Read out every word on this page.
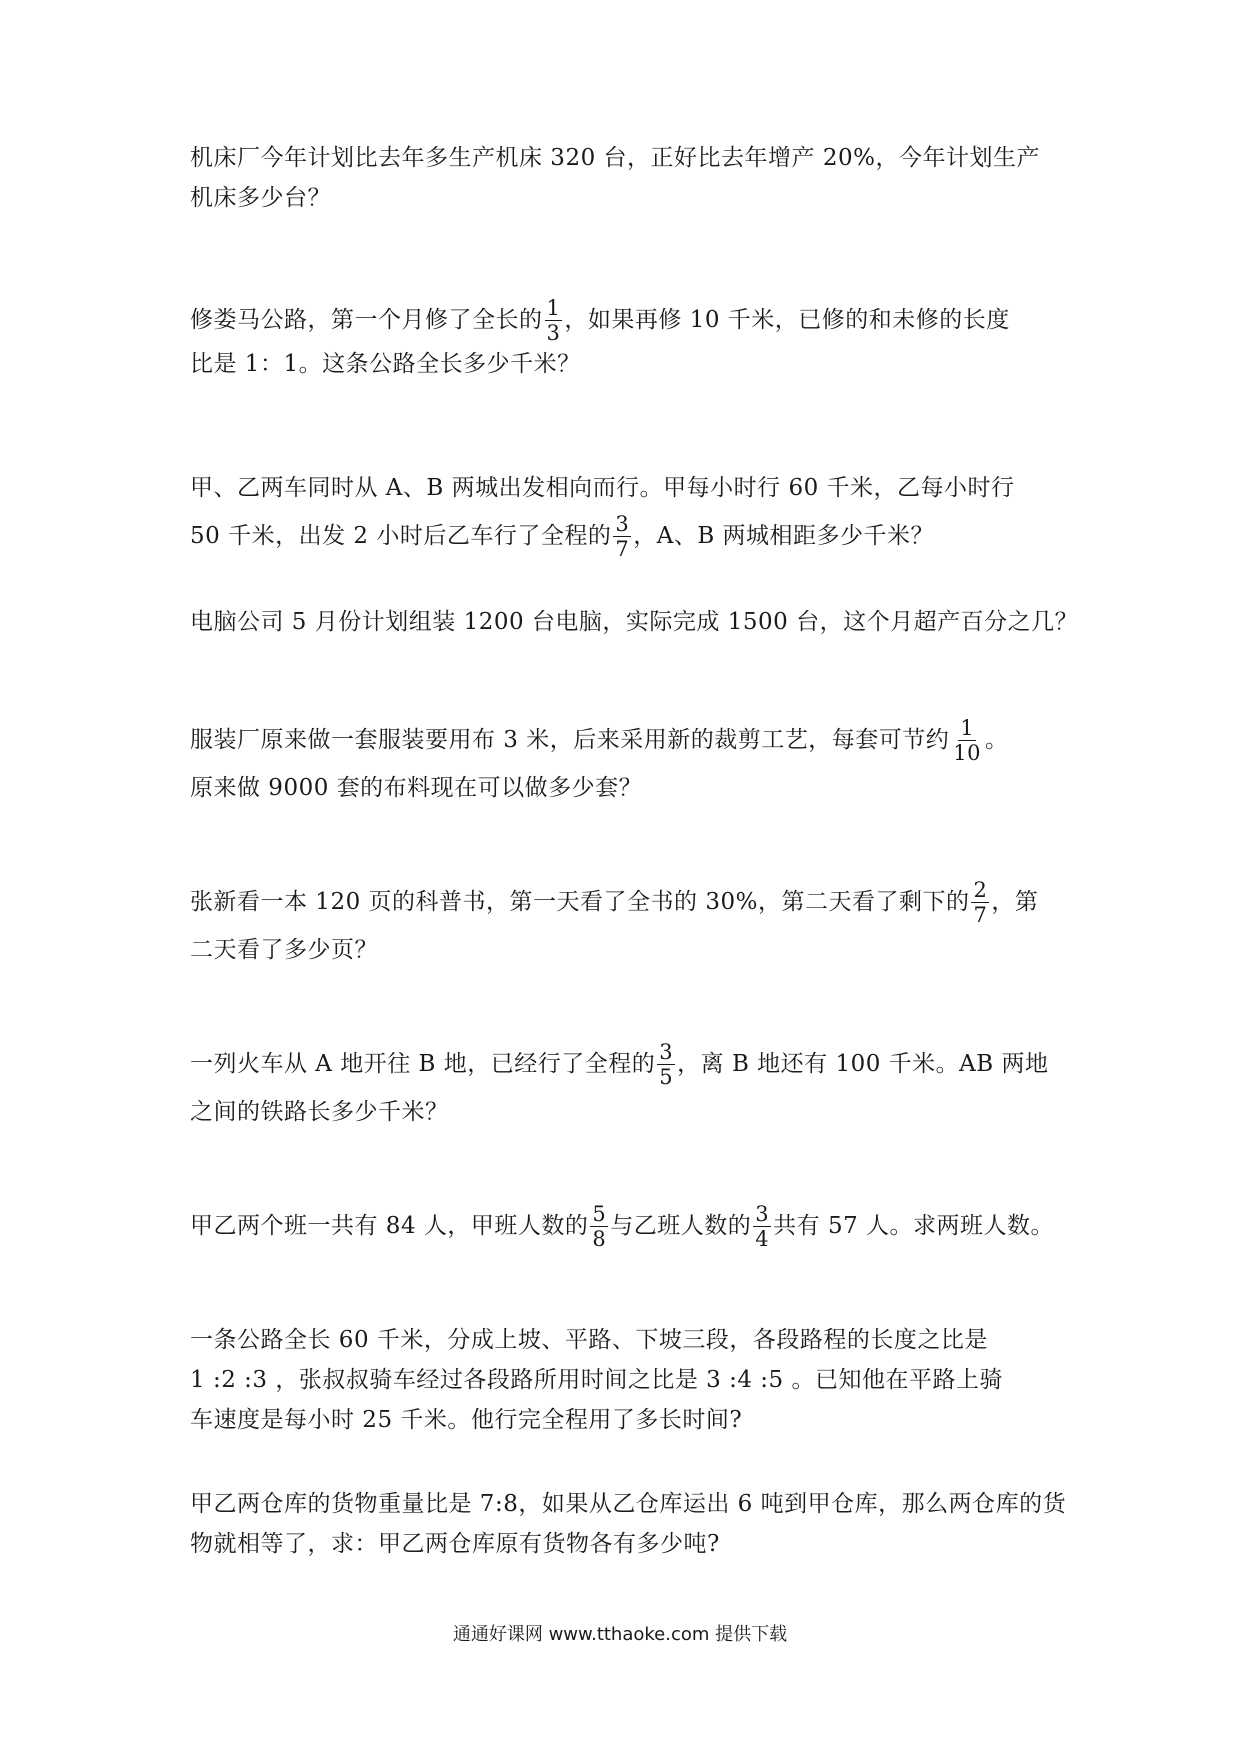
机床厂今年计划比去年多生产机床 320 台，正好比去年增产 20%，今年计划生产
机床多少台？
修娄马公路，第一个月修了全长的 $\frac{1}{3}$ ，如果再修 10 千米，已修的和未修的长度
比是 1：1。这条公路全长多少千米？
甲、乙两车同时从 A、B 两城出发相向而行。甲每小时行 60 千米，乙每小时行
50 千米，出发 2 小时后乙车行了全程的 $\frac{3}{7}$ ，A、B 两城相距多少千米？
电脑公司 5 月份计划组装 1200 台电脑，实际完成 1500 台，这个月超产百分之几？
服装厂原来做一套服装要用布 3 米，后来采用新的裁剪工艺，每套可节约 $\frac{1}{10}$ 。
原来做 9000 套的布料现在可以做多少套？
张新看一本 120 页的科普书，第一天看了全书的 30%，第二天看了剩下的 $\frac{2}{7}$ ，第
二天看了多少页？
一列火车从 A 地开往 B 地，已经行了全程的 $\frac{3}{5}$ ，离 B 地还有 100 千米。AB 两地
之间的铁路长多少千米？
甲乙两个班一共有 84 人，甲班人数的 $\frac{5}{8}$ 与乙班人数的 $\frac{3}{4}$ 共有 57 人。求两班人数。
一条公路全长 60 千米，分成上坡、平路、下坡三段，各段路程的长度之比是
1 :2 :3 ，张叔叔骑车经过各段路所用时间之比是 3 :4 :5 。已知他在平路上骑
车速度是每小时 25 千米。他行完全程用了多长时间?
甲乙两仓库的货物重量比是 7:8，如果从乙仓库运出 6 吨到甲仓库，那么两仓库的货
物就相等了，求：甲乙两仓库原有货物各有多少吨?
通通好课网 www.tthaoke.com 提供下载
